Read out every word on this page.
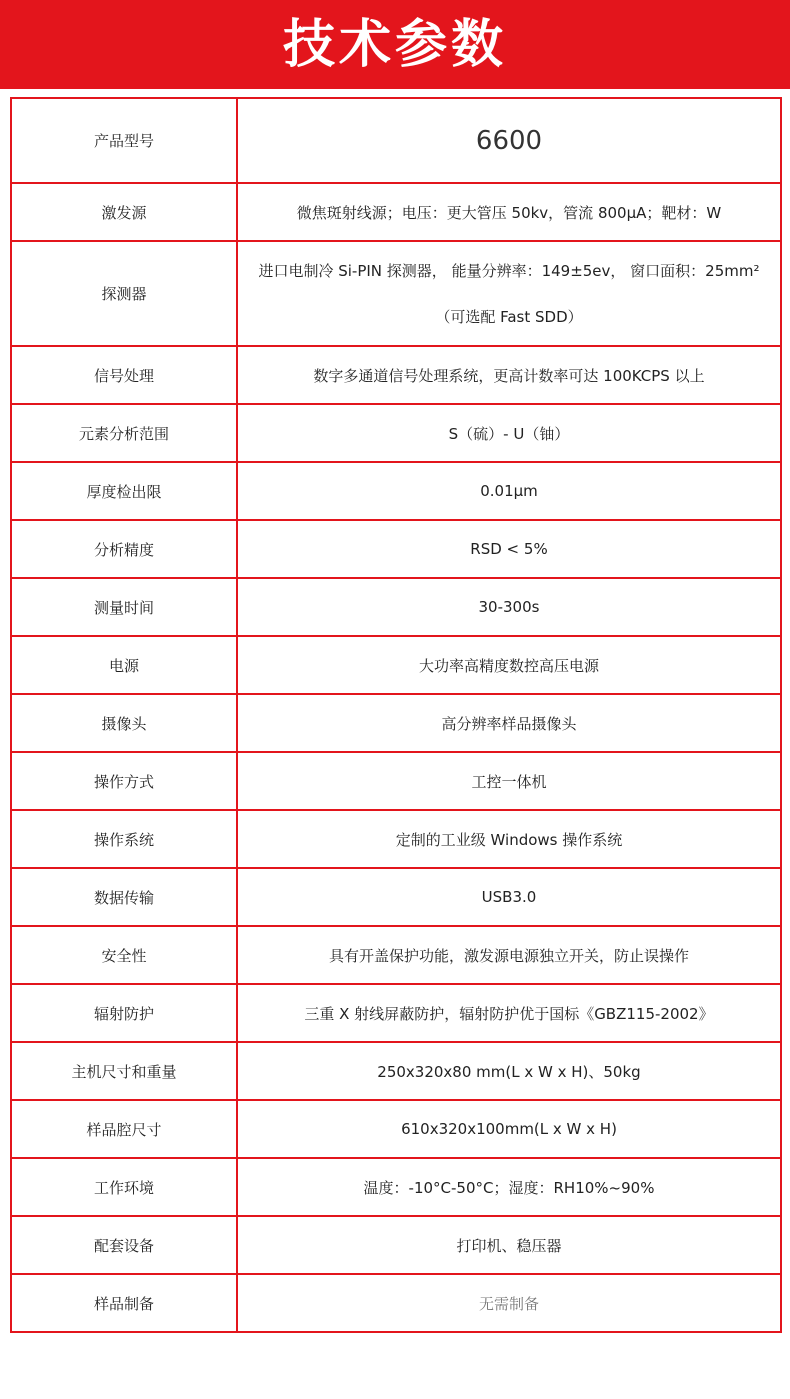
技术参数
产品型号	6600
激发源	微焦斑射线源；电压：更大管压 50kv，管流 800μA；靶材：W
探测器	进口电制冷 Si-PIN 探测器， 能量分辨率：149±5ev， 窗口面积：25mm²（可选配 Fast SDD）
信号处理	数字多通道信号处理系统，更高计数率可达 100KCPS 以上
元素分析范围	S（硫）- U（铀）
厚度检出限	0.01μm
分析精度	RSD < 5%
测量时间	30-300s
电源	大功率高精度数控高压电源
摄像头	高分辨率样品摄像头
操作方式	工控一体机
操作系统	定制的工业级 Windows 操作系统
数据传输	USB3.0
安全性	具有开盖保护功能，激发源电源独立开关，防止误操作
辐射防护	三重 X 射线屏蔽防护，辐射防护优于国标《GBZ115-2002》
主机尺寸和重量	250x320x80 mm(L x W x H)、50kg
样品腔尺寸	610x320x100mm(L x W x H)
工作环境	温度：-10°C-50°C；湿度：RH10%~90%
配套设备	打印机、稳压器
样品制备	无需制备
